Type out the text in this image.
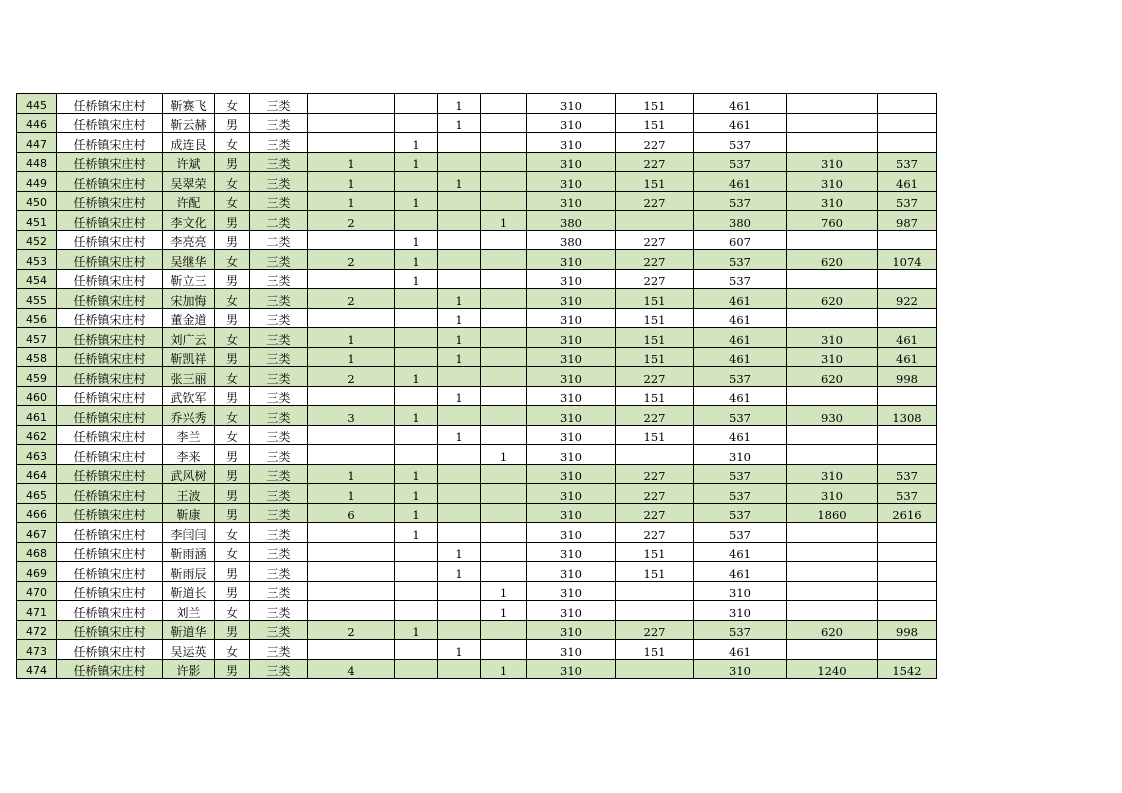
445	任桥镇宋庄村	靳赛飞	女	三类			1		310	151	461		
446	任桥镇宋庄村	靳云赫	男	三类			1		310	151	461		
447	任桥镇宋庄村	成连艮	女	三类		1			310	227	537		
448	任桥镇宋庄村	许斌	男	三类	1	1			310	227	537	310	537
449	任桥镇宋庄村	吴翠荣	女	三类	1		1		310	151	461	310	461
450	任桥镇宋庄村	许配	女	三类	1	1			310	227	537	310	537
451	任桥镇宋庄村	李文化	男	二类	2			1	380		380	760	987
452	任桥镇宋庄村	李亮亮	男	二类		1			380	227	607		
453	任桥镇宋庄村	吴继华	女	三类	2	1			310	227	537	620	1074
454	任桥镇宋庄村	靳立三	男	三类		1			310	227	537		
455	任桥镇宋庄村	宋加悔	女	三类	2		1		310	151	461	620	922
456	任桥镇宋庄村	董金道	男	三类			1		310	151	461		
457	任桥镇宋庄村	刘广云	女	三类	1		1		310	151	461	310	461
458	任桥镇宋庄村	靳凯祥	男	三类	1		1		310	151	461	310	461
459	任桥镇宋庄村	张三丽	女	三类	2	1			310	227	537	620	998
460	任桥镇宋庄村	武钦军	男	三类			1		310	151	461		
461	任桥镇宋庄村	乔兴秀	女	三类	3	1			310	227	537	930	1308
462	任桥镇宋庄村	李兰	女	三类			1		310	151	461		
463	任桥镇宋庄村	李来	男	三类				1	310		310		
464	任桥镇宋庄村	武风树	男	三类	1	1			310	227	537	310	537
465	任桥镇宋庄村	王波	男	三类	1	1			310	227	537	310	537
466	任桥镇宋庄村	靳康	男	三类	6	1			310	227	537	1860	2616
467	任桥镇宋庄村	李闫闫	女	三类		1			310	227	537		
468	任桥镇宋庄村	靳雨涵	女	三类			1		310	151	461		
469	任桥镇宋庄村	靳雨辰	男	三类			1		310	151	461		
470	任桥镇宋庄村	靳道长	男	三类				1	310		310		
471	任桥镇宋庄村	刘兰	女	三类				1	310		310		
472	任桥镇宋庄村	靳道华	男	三类	2	1			310	227	537	620	998
473	任桥镇宋庄村	吴运英	女	三类			1		310	151	461		
474	任桥镇宋庄村	许影	男	三类	4			1	310		310	1240	1542
